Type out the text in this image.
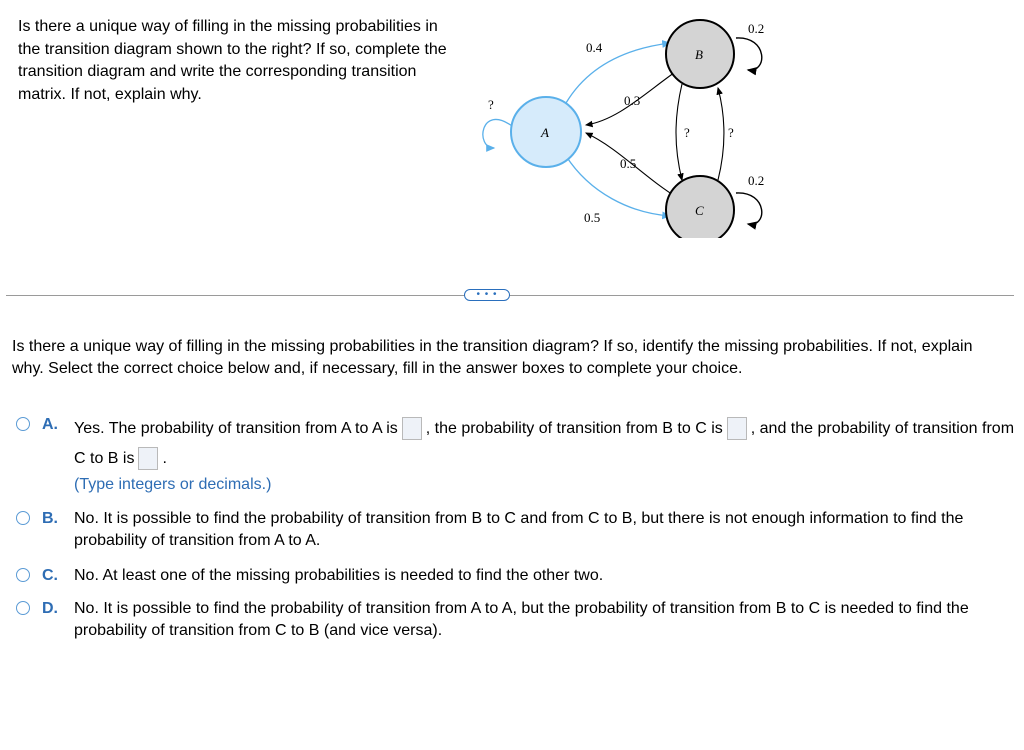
Is there a unique way of filling in the missing probabilities in the transition diagram shown to the right? If so, complete the transition diagram and write the corresponding transition matrix. If not, explain why.
?
0.4
0.3
0.5
0.5
?	?
0.2
0.2
A
B
C
• • •
Is there a unique way of filling in the missing probabilities in the transition diagram? If so, identify the missing probabilities. If not, explain why. Select the correct choice below and, if necessary, fill in the answer boxes to complete your choice.
A. Yes. The probability of transition from A to A is , the probability of transition from B to C is , and the probability of transition from C to B is .
(Type integers or decimals.)
B. No. It is possible to find the probability of transition from B to C and from C to B, but there is not enough information to find the probability of transition from A to A.
C. No. At least one of the missing probabilities is needed to find the other two.
D. No. It is possible to find the probability of transition from A to A, but the probability of transition from B to C is needed to find the probability of transition from C to B (and vice versa).
